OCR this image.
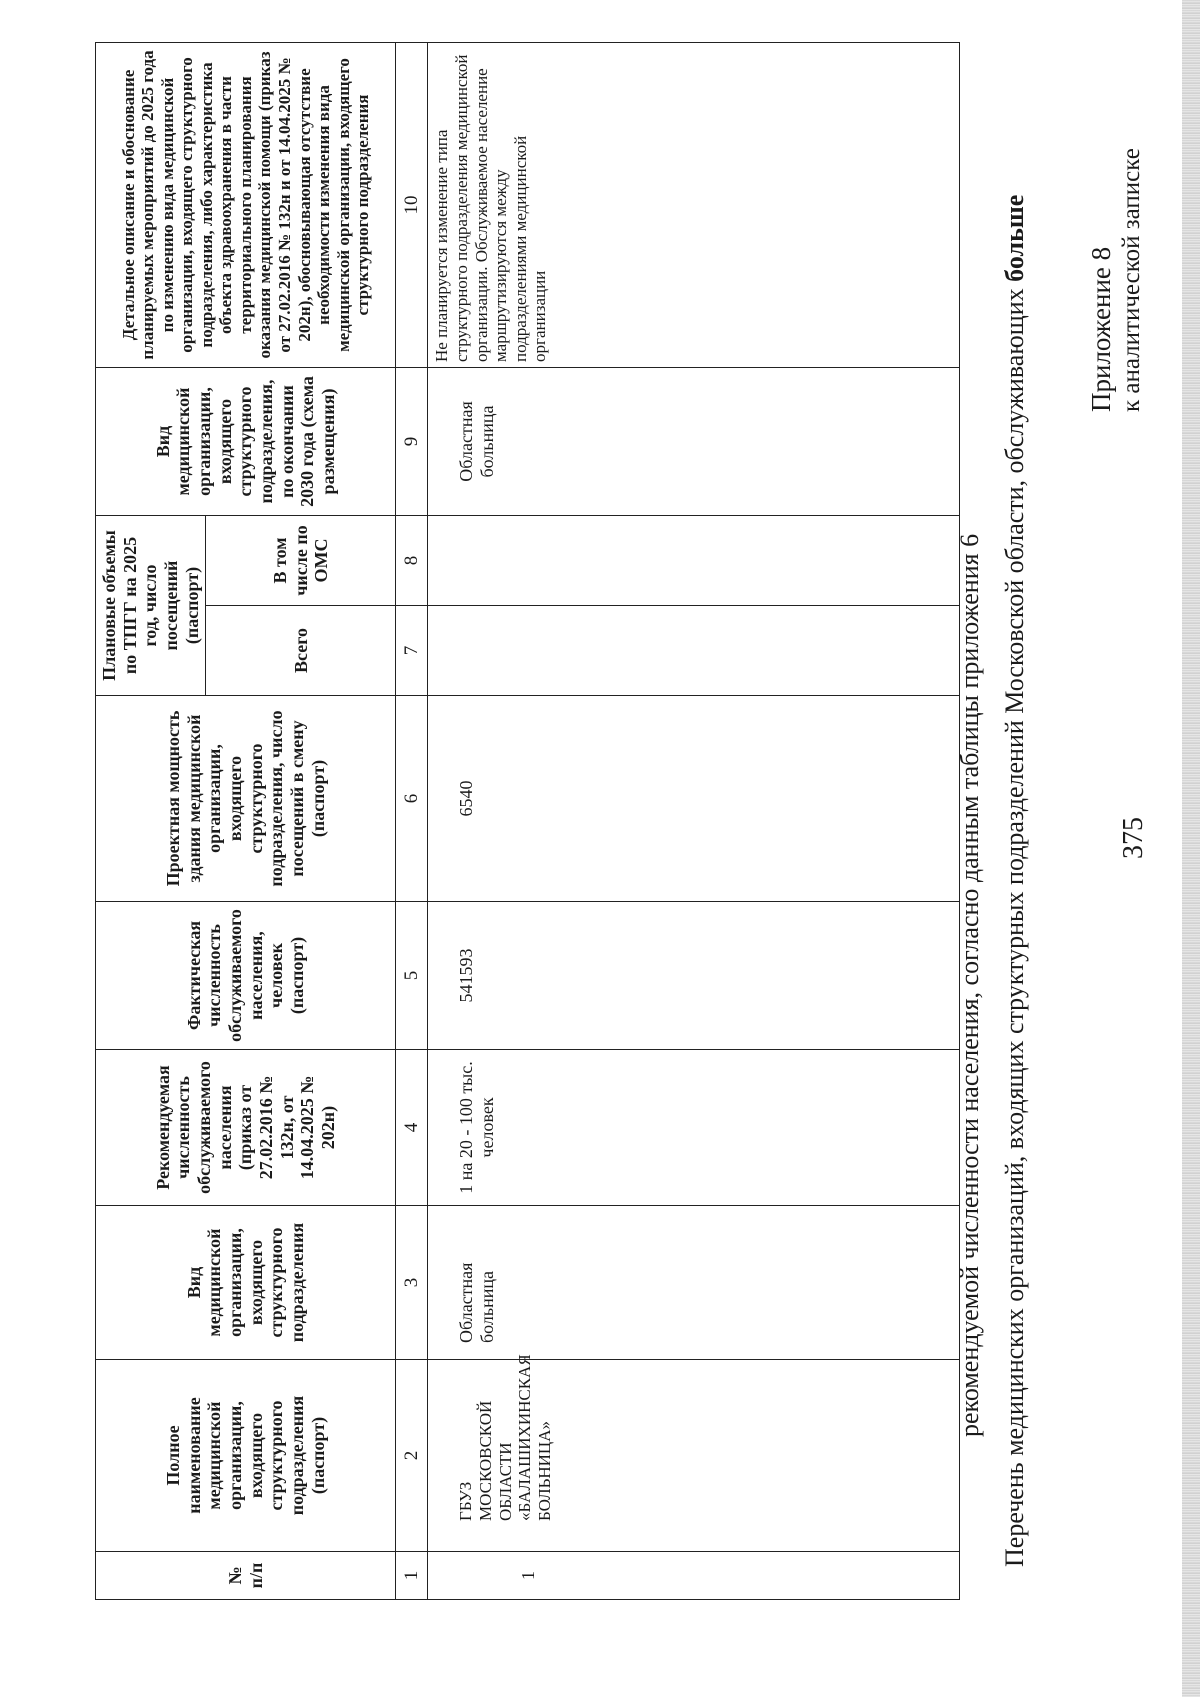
375
Приложение 8 к аналитической записке
Перечень медицинских организаций, входящих структурных подразделений Московской области, обслуживающих больше
рекомендуемой численности населения, согласно данным таблицы приложения 6
№ п/п	Полное наименование медицинской организации, входящего структурного подразделения (паспорт)	Вид медицинской организации, входящего структурного подразделения	Рекомендуемая численность обслуживаемого населения (приказ от 27.02.2016 № 132н, от 14.04.2025 № 202н)	Фактическая численность обслуживаемого населения, человек (паспорт)	Проектная мощность здания медицинской организации, входящего структурного подразделения, число посещений в смену (паспорт)	Плановые объемы по ТПГГ на 2025 год, число посещений (паспорт)		Вид медицинской организации, входящего структурного подразделения, по окончании 2030 года (схема размещения)	Детальное описание и обоснование планируемых мероприятий до 2025 года по изменению вида медицинской организации, входящего структурного подразделения, либо характеристика объекта здравоохранения в части территориального планирования оказания медицинской помощи (приказ от 27.02.2016 № 132н и от 14.04.2025 № 202н), обосновывающая отсутствие необходимости изменения вида медицинской организации, входящего структурного подразделения
						Всего	В том числе по ОМС		
1	2	3	4	5	6	7	8	9	10
1	ГБУЗ МОСКОВСКОЙ ОБЛАСТИ «БАЛАШИХИНСКАЯ БОЛЬНИЦА»	Областная больница	1 на 20 - 100 тыс. человек	541593	6540			Областная больница	Не планируется изменение типа структурного подразделения медицинской организации. Обслуживаемое население маршрутизируются между подразделениями медицинской организации
